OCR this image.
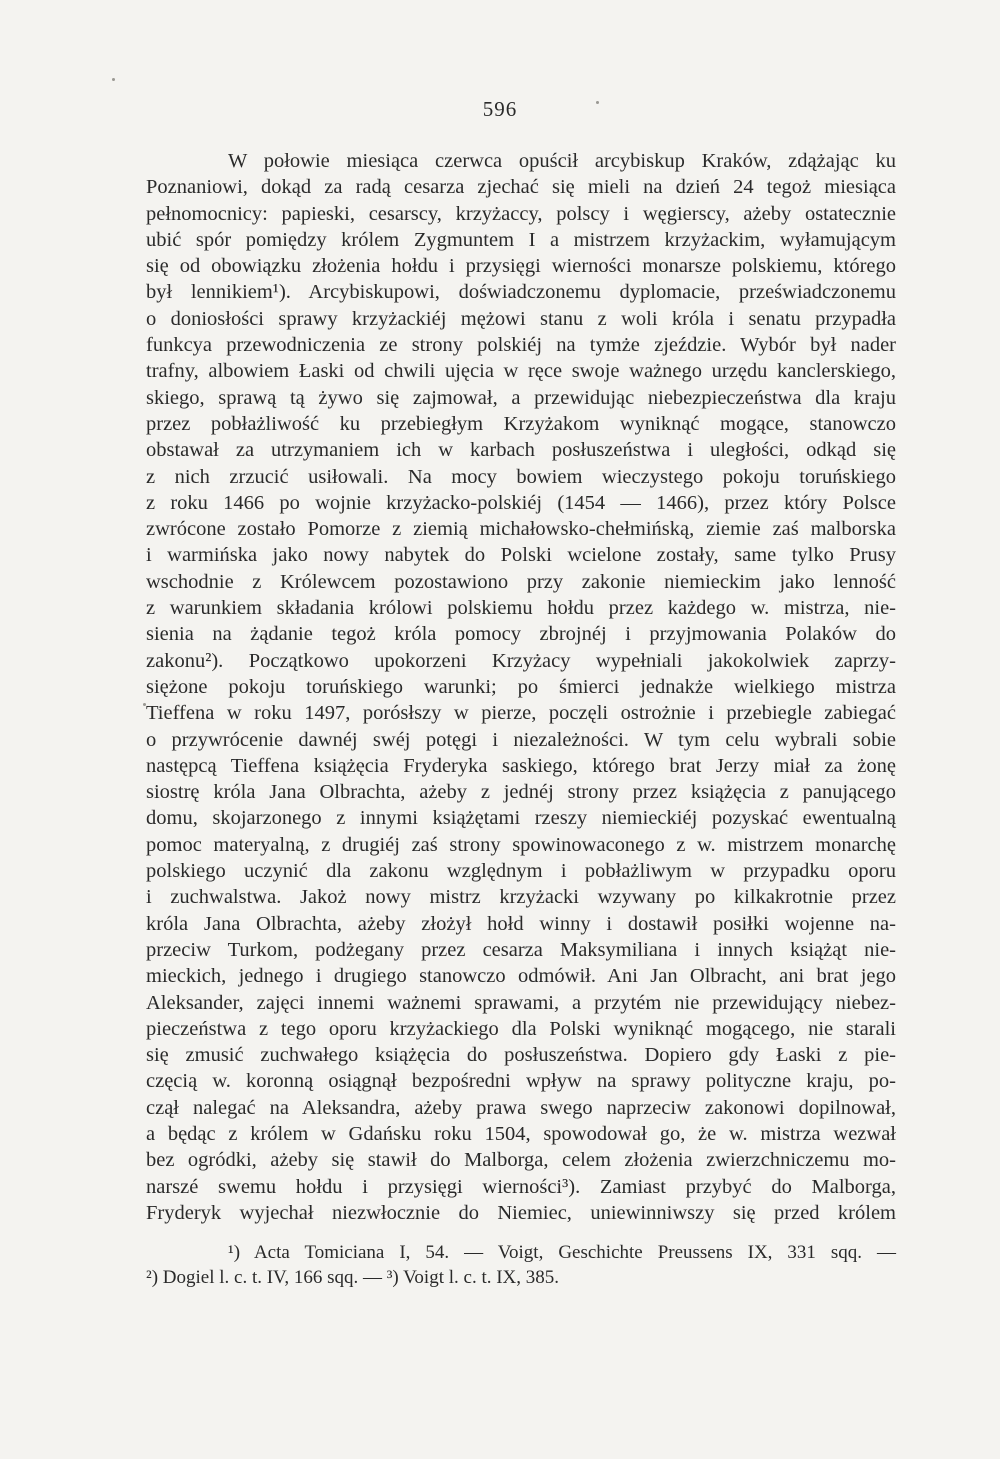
596
W połowie miesiąca czerwca opuścił arcybiskup Kraków, zdążając ku
Poznaniowi, dokąd za radą cesarza zjechać się mieli na dzień 24 tegoż miesiąca
pełnomocnicy: papieski, cesarscy, krzyżaccy, polscy i węgierscy, ażeby ostatecznie
ubić spór pomiędzy królem Zygmuntem I a mistrzem krzyżackim, wyłamującym
się od obowiązku złożenia hołdu i przysięgi wierności monarsze polskiemu, którego
był lennikiem¹). Arcybiskupowi, doświadczonemu dyplomacie, przeświadczonemu
o doniosłości sprawy krzyżackiéj mężowi stanu z woli króla i senatu przypadła
funkcya przewodniczenia ze strony polskiéj na tymże zjeździe. Wybór był nader
trafny, albowiem Łaski od chwili ujęcia w ręce swoje ważnego urzędu kanclerskiego,
skiego, sprawą tą żywo się zajmował, a przewidując niebezpieczeństwa dla kraju
przez pobłażliwość ku przebiegłym Krzyżakom wyniknąć mogące, stanowczo
obstawał za utrzymaniem ich w karbach posłuszeństwa i uległości, odkąd się
z nich zrzucić usiłowali. Na mocy bowiem wieczystego pokoju toruńskiego
z roku 1466 po wojnie krzyżacko-polskiéj (1454 — 1466), przez który Polsce
zwrócone zostało Pomorze z ziemią michałowsko-chełmińską, ziemie zaś malborska
i warmińska jako nowy nabytek do Polski wcielone zostały, same tylko Prusy
wschodnie z Królewcem pozostawiono przy zakonie niemieckim jako lenność
z warunkiem składania królowi polskiemu hołdu przez każdego w. mistrza, nie-
sienia na żądanie tegoż króla pomocy zbrojnéj i przyjmowania Polaków do
zakonu²). Początkowo upokorzeni Krzyżacy wypełniali jakokolwiek zaprzy-
siężone pokoju toruńskiego warunki; po śmierci jednakże wielkiego mistrza
Tieffena w roku 1497, porósłszy w pierze, poczęli ostrożnie i przebiegle zabiegać
o przywrócenie dawnéj swéj potęgi i niezależności. W tym celu wybrali sobie
następcą Tieffena książęcia Fryderyka saskiego, którego brat Jerzy miał za żonę
siostrę króla Jana Olbrachta, ażeby z jednéj strony przez książęcia z panującego
domu, skojarzonego z innymi książętami rzeszy niemieckiéj pozyskać ewentualną
pomoc materyalną, z drugiéj zaś strony spowinowaconego z w. mistrzem monarchę
polskiego uczynić dla zakonu względnym i pobłażliwym w przypadku oporu
i zuchwalstwa. Jakoż nowy mistrz krzyżacki wzywany po kilkakrotnie przez
króla Jana Olbrachta, ażeby złożył hołd winny i dostawił posiłki wojenne na-
przeciw Turkom, podżegany przez cesarza Maksymiliana i innych książąt nie-
mieckich, jednego i drugiego stanowczo odmówił. Ani Jan Olbracht, ani brat jego
Aleksander, zajęci innemi ważnemi sprawami, a przytém nie przewidujący niebez-
pieczeństwa z tego oporu krzyżackiego dla Polski wyniknąć mogącego, nie starali
się zmusić zuchwałego książęcia do posłuszeństwa. Dopiero gdy Łaski z pie-
częcią w. koronną osiągnął bezpośredni wpływ na sprawy polityczne kraju, po-
czął nalegać na Aleksandra, ażeby prawa swego naprzeciw zakonowi dopilnował,
a będąc z królem w Gdańsku roku 1504, spowodował go, że w. mistrza wezwał
bez ogródki, ażeby się stawił do Malborga, celem złożenia zwierzchniczemu mo-
narszé swemu hołdu i przysięgi wierności³). Zamiast przybyć do Malborga,
Fryderyk wyjechał niezwłocznie do Niemiec, uniewinniwszy się przed królem
¹) Acta Tomiciana I, 54. — Voigt, Geschichte Preussens IX, 331 sqq. —
²) Dogiel l. c. t. IV, 166 sqq. — ³) Voigt l. c. t. IX, 385.
